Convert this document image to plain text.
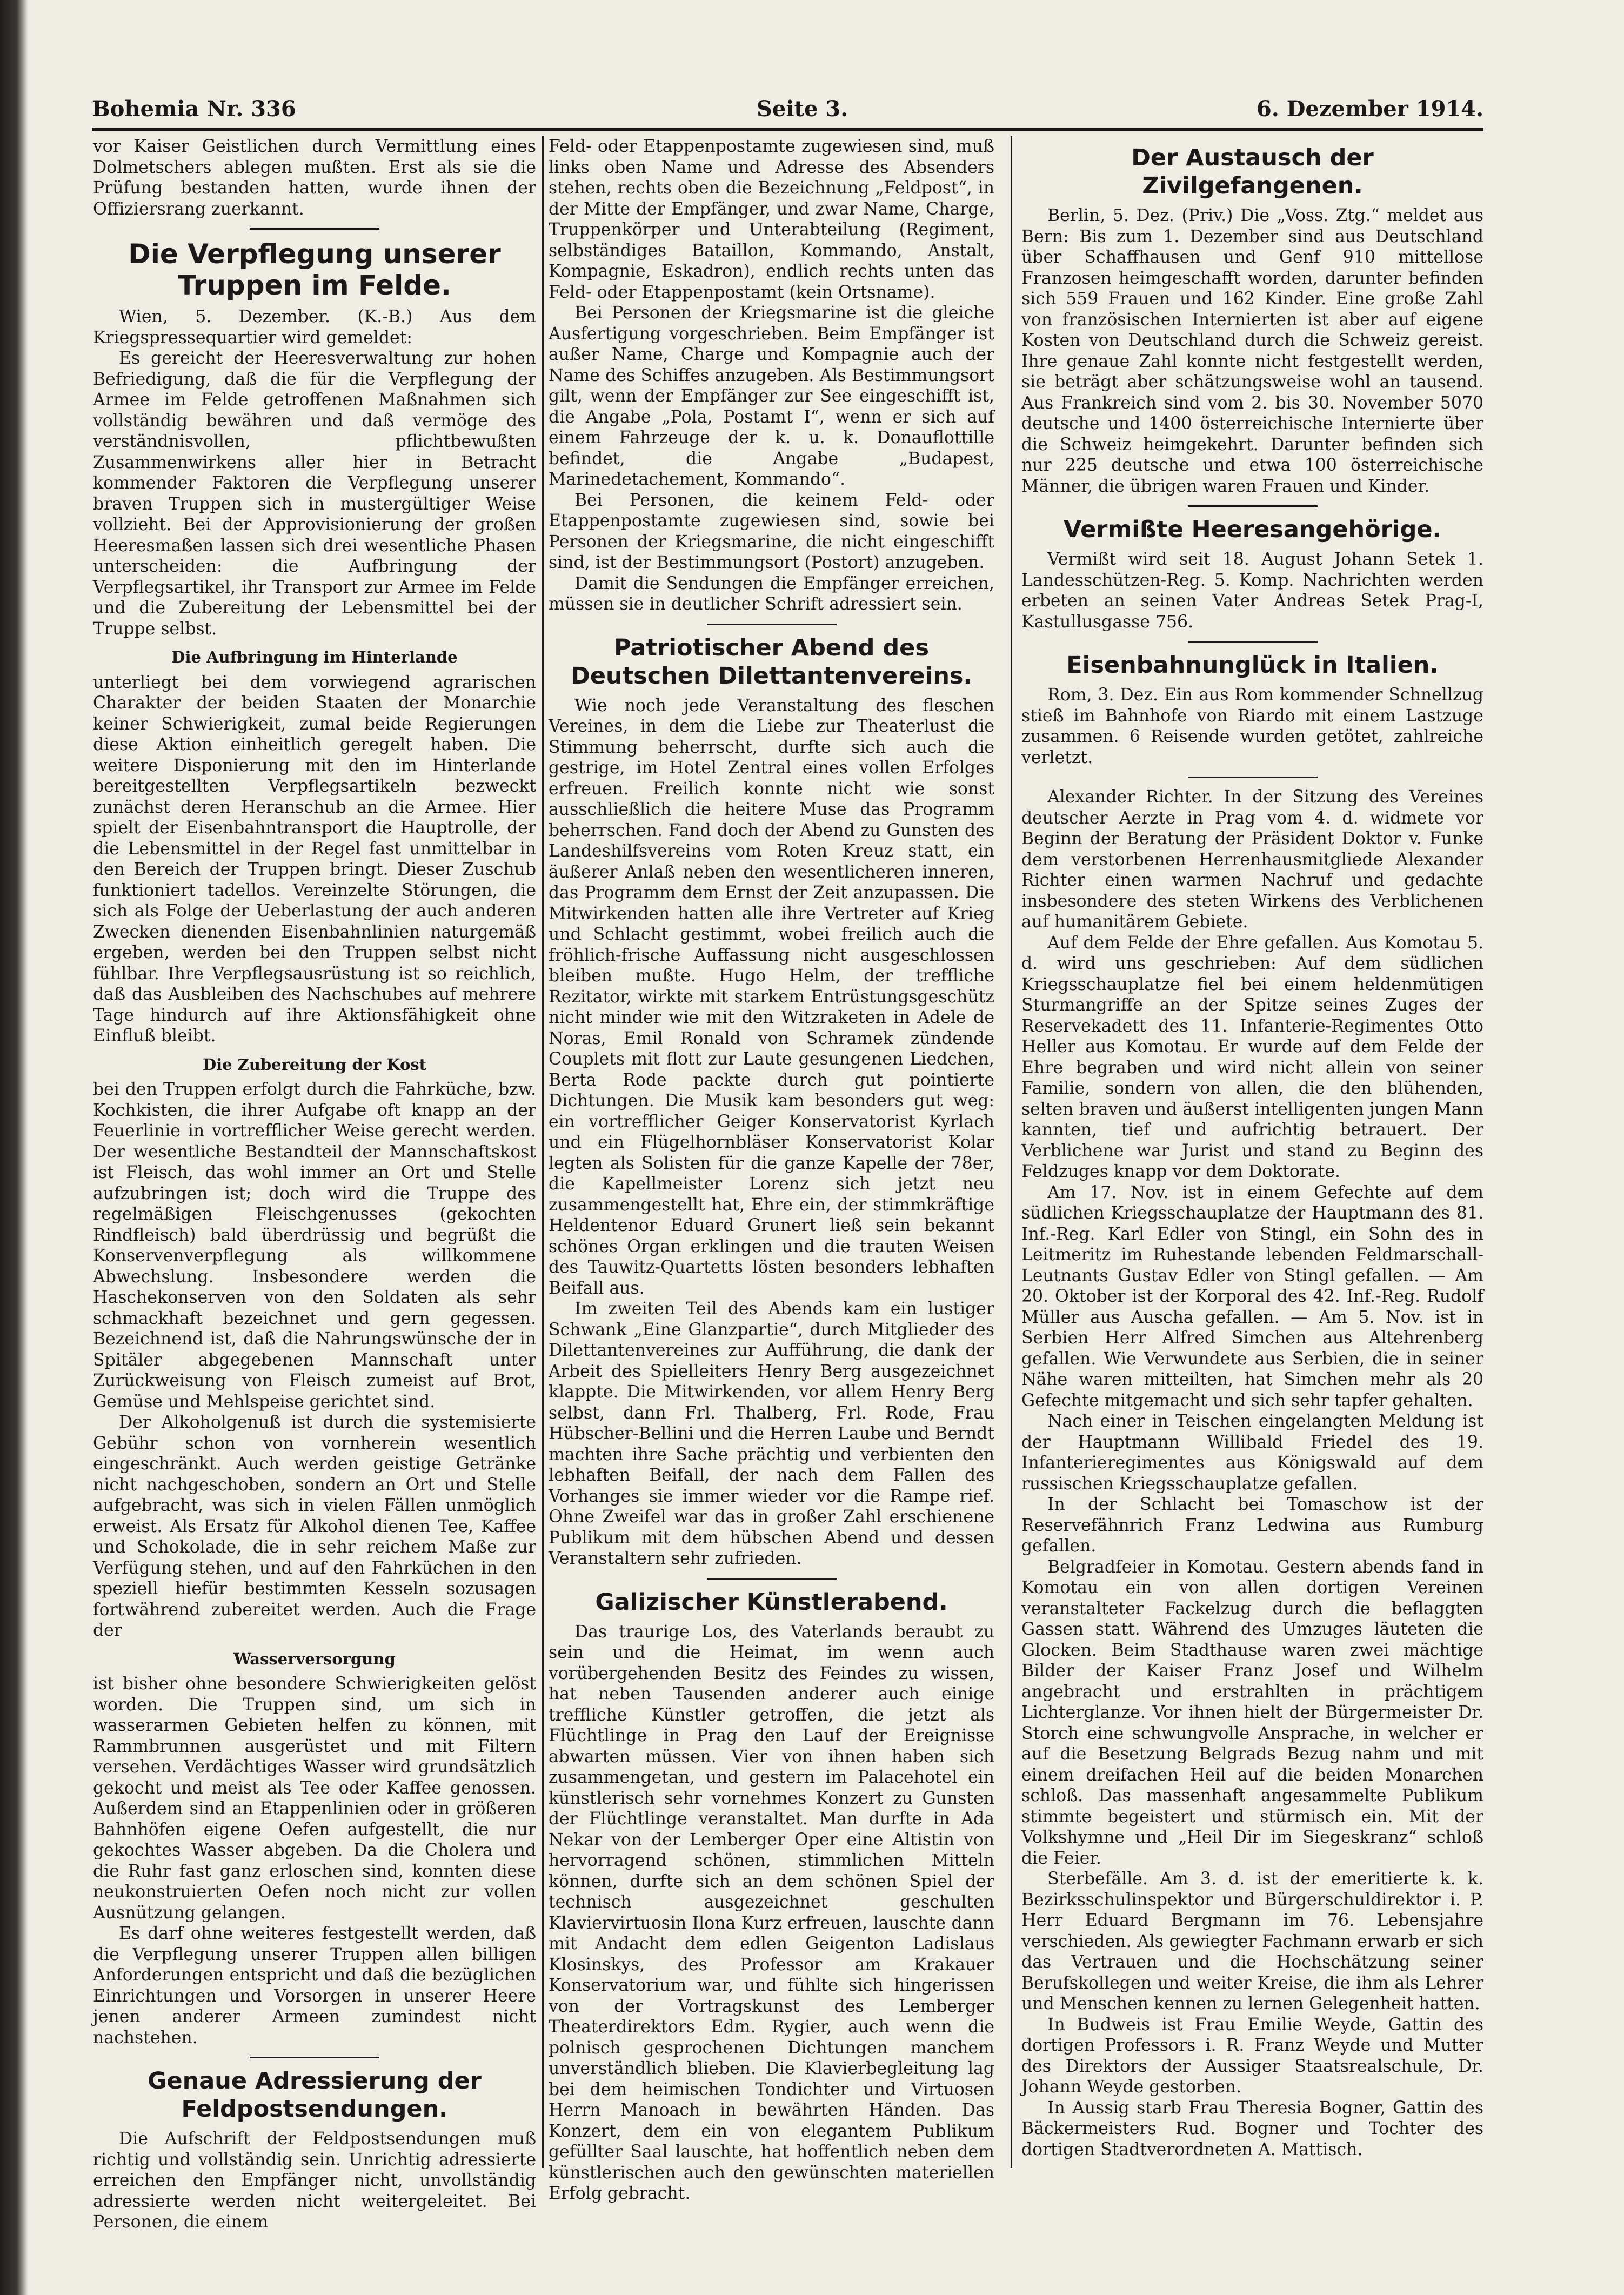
Bohemia Nr. 336	Seite 3.	6. Dezember 1914.

vor Kaiser Geistlichen durch Vermittlung eines Dolmetschers ablegen mußten. Erst als sie die Prüfung bestanden hatten, wurde ihnen der Offiziersrang zuerkannt.

Die Verpflegung unserer Truppen im Felde.

Wien, 5. Dezember. (K.-B.) Aus dem Kriegspressequartier wird gemeldet:

Es gereicht der Heeresverwaltung zur hohen Befriedigung, daß die für die Verpflegung der Armee im Felde getroffenen Maßnahmen sich vollständig bewähren und daß vermöge des verständnisvollen, pflichtbewußten Zusammenwirkens aller hier in Betracht kommender Faktoren die Verpflegung unserer braven Truppen sich in mustergültiger Weise vollzieht. Bei der Approvisionierung der großen Heeresmaßen lassen sich drei wesentliche Phasen unterscheiden: die Aufbringung der Verpflegsartikel, ihr Transport zur Armee im Felde und die Zubereitung der Lebensmittel bei der Truppe selbst.

Die Aufbringung im Hinterlande

unterliegt bei dem vorwiegend agrarischen Charakter der beiden Staaten der Monarchie keiner Schwierigkeit, zumal beide Regierungen diese Aktion einheitlich geregelt haben. Die weitere Disponierung mit den im Hinterlande bereitgestellten Verpflegsartikeln bezweckt zunächst deren Heranschub an die Armee. Hier spielt der Eisenbahntransport die Hauptrolle, der die Lebensmittel in der Regel fast unmittelbar in den Bereich der Truppen bringt. Dieser Zuschub funktioniert tadellos. Vereinzelte Störungen, die sich als Folge der Ueberlastung der auch anderen Zwecken dienenden Eisenbahnlinien naturgemäß ergeben, werden bei den Truppen selbst nicht fühlbar. Ihre Verpflegsausrüstung ist so reichlich, daß das Ausbleiben des Nachschubes auf mehrere Tage hindurch auf ihre Aktionsfähigkeit ohne Einfluß bleibt.

Die Zubereitung der Kost

bei den Truppen erfolgt durch die Fahrküche, bzw. Kochkisten, die ihrer Aufgabe oft knapp an der Feuerlinie in vortrefflicher Weise gerecht werden. Der wesentliche Bestandteil der Mannschaftskost ist Fleisch, das wohl immer an Ort und Stelle aufzubringen ist; doch wird die Truppe des regelmäßigen Fleischgenusses (gekochten Rindfleisch) bald überdrüssig und begrüßt die Konservenverpflegung als willkommene Abwechslung. Insbesondere werden die Haschekonserven von den Soldaten als sehr schmackhaft bezeichnet und gern gegessen. Bezeichnend ist, daß die Nahrungswünsche der in Spitäler abgegebenen Mannschaft unter Zurückweisung von Fleisch zumeist auf Brot, Gemüse und Mehlspeise gerichtet sind.

Der Alkoholgenuß ist durch die systemisierte Gebühr schon von vornherein wesentlich eingeschränkt. Auch werden geistige Getränke nicht nachgeschoben, sondern an Ort und Stelle aufgebracht, was sich in vielen Fällen unmöglich erweist. Als Ersatz für Alkohol dienen Tee, Kaffee und Schokolade, die in sehr reichem Maße zur Verfügung stehen, und auf den Fahrküchen in den speziell hiefür bestimmten Kesseln sozusagen fortwährend zubereitet werden. Auch die Frage der

Wasserversorgung

ist bisher ohne besondere Schwierigkeiten gelöst worden. Die Truppen sind, um sich in wasserarmen Gebieten helfen zu können, mit Rammbrunnen ausgerüstet und mit Filtern versehen. Verdächtiges Wasser wird grundsätzlich gekocht und meist als Tee oder Kaffee genossen. Außerdem sind an Etappenlinien oder in größeren Bahnhöfen eigene Oefen aufgestellt, die nur gekochtes Wasser abgeben. Da die Cholera und die Ruhr fast ganz erloschen sind, konnten diese neukonstruierten Oefen noch nicht zur vollen Ausnützung gelangen.

Es darf ohne weiteres festgestellt werden, daß die Verpflegung unserer Truppen allen billigen Anforderungen entspricht und daß die bezüglichen Einrichtungen und Vorsorgen in unserer Heere jenen anderer Armeen zumindest nicht nachstehen.

Genaue Adressierung der Feldpostsendungen.

Die Aufschrift der Feldpostsendungen muß richtig und vollständig sein. Unrichtig adressierte erreichen den Empfänger nicht, unvollständig adressierte werden nicht weitergeleitet. Bei Personen, die einem

Feld- oder Etappenpostamte zugewiesen sind, muß links oben Name und Adresse des Absenders stehen, rechts oben die Bezeichnung „Feldpost“, in der Mitte der Empfänger, und zwar Name, Charge, Truppenkörper und Unterabteilung (Regiment, selbständiges Bataillon, Kommando, Anstalt, Kompagnie, Eskadron), endlich rechts unten das Feld- oder Etappenpostamt (kein Ortsname).

Bei Personen der Kriegsmarine ist die gleiche Ausfertigung vorgeschrieben. Beim Empfänger ist außer Name, Charge und Kompagnie auch der Name des Schiffes anzugeben. Als Bestimmungsort gilt, wenn der Empfänger zur See eingeschifft ist, die Angabe „Pola, Postamt I“, wenn er sich auf einem Fahrzeuge der k. u. k. Donauflottille befindet, die Angabe „Budapest, Marinedetachement, Kommando“.

Bei Personen, die keinem Feld- oder Etappenpostamte zugewiesen sind, sowie bei Personen der Kriegsmarine, die nicht eingeschifft sind, ist der Bestimmungsort (Postort) anzugeben.

Damit die Sendungen die Empfänger erreichen, müssen sie in deutlicher Schrift adressiert sein.

Patriotischer Abend des Deutschen Dilettantenvereins.

Wie noch jede Veranstaltung des fleschen Vereines, in dem die Liebe zur Theaterlust die Stimmung beherrscht, durfte sich auch die gestrige, im Hotel Zentral eines vollen Erfolges erfreuen. Freilich konnte nicht wie sonst ausschließlich die heitere Muse das Programm beherrschen. Fand doch der Abend zu Gunsten des Landeshilfsvereins vom Roten Kreuz statt, ein äußerer Anlaß neben den wesentlicheren inneren, das Programm dem Ernst der Zeit anzupassen. Die Mitwirkenden hatten alle ihre Vertreter auf Krieg und Schlacht gestimmt, wobei freilich auch die fröhlich-frische Auffassung nicht ausgeschlossen bleiben mußte. Hugo Helm, der treffliche Rezitator, wirkte mit starkem Entrüstungsgeschütz nicht minder wie mit den Witzraketen in Adele de Noras, Emil Ronald von Schramek zündende Couplets mit flott zur Laute gesungenen Liedchen, Berta Rode packte durch gut pointierte Dichtungen. Die Musik kam besonders gut weg: ein vortrefflicher Geiger Konservatorist Kyrlach und ein Flügelhornbläser Konservatorist Kolar legten als Solisten für die ganze Kapelle der 78er, die Kapellmeister Lorenz sich jetzt neu zusammengestellt hat, Ehre ein, der stimmkräftige Heldentenor Eduard Grunert ließ sein bekannt schönes Organ erklingen und die trauten Weisen des Tauwitz-Quartetts lösten besonders lebhaften Beifall aus.

Im zweiten Teil des Abends kam ein lustiger Schwank „Eine Glanzpartie“, durch Mitglieder des Dilettantenvereines zur Aufführung, die dank der Arbeit des Spielleiters Henry Berg ausgezeichnet klappte. Die Mitwirkenden, vor allem Henry Berg selbst, dann Frl. Thalberg, Frl. Rode, Frau Hübscher-Bellini und die Herren Laube und Berndt machten ihre Sache prächtig und verbienten den lebhaften Beifall, der nach dem Fallen des Vorhanges sie immer wieder vor die Rampe rief. Ohne Zweifel war das in großer Zahl erschienene Publikum mit dem hübschen Abend und dessen Veranstaltern sehr zufrieden.

Galizischer Künstlerabend.

Das traurige Los, des Vaterlands beraubt zu sein und die Heimat, im wenn auch vorübergehenden Besitz des Feindes zu wissen, hat neben Tausenden anderer auch einige treffliche Künstler getroffen, die jetzt als Flüchtlinge in Prag den Lauf der Ereignisse abwarten müssen. Vier von ihnen haben sich zusammengetan, und gestern im Palacehotel ein künstlerisch sehr vornehmes Konzert zu Gunsten der Flüchtlinge veranstaltet. Man durfte in Ada Nekar von der Lemberger Oper eine Altistin von hervorragend schönen, stimmlichen Mitteln können, durfte sich an dem schönen Spiel der technisch ausgezeichnet geschulten Klaviervirtuosin Ilona Kurz erfreuen, lauschte dann mit Andacht dem edlen Geigenton Ladislaus Klosinskys, des Professor am Krakauer Konservatorium war, und fühlte sich hingerissen von der Vortragskunst des Lemberger Theaterdirektors Edm. Rygier, auch wenn die polnisch gesprochenen Dichtungen manchem unverständlich blieben. Die Klavierbegleitung lag bei dem heimischen Tondichter und Virtuosen Herrn Manoach in bewährten Händen. Das Konzert, dem ein von elegantem Publikum gefüllter Saal lauschte, hat hoffentlich neben dem künstlerischen auch den gewünschten materiellen Erfolg gebracht.

Der Austausch der Zivilgefangenen.

Berlin, 5. Dez. (Priv.) Die „Voss. Ztg.“ meldet aus Bern: Bis zum 1. Dezember sind aus Deutschland über Schaffhausen und Genf 910 mittellose Franzosen heimgeschafft worden, darunter befinden sich 559 Frauen und 162 Kinder. Eine große Zahl von französischen Internierten ist aber auf eigene Kosten von Deutschland durch die Schweiz gereist. Ihre genaue Zahl konnte nicht festgestellt werden, sie beträgt aber schätzungsweise wohl an tausend. Aus Frankreich sind vom 2. bis 30. November 5070 deutsche und 1400 österreichische Internierte über die Schweiz heimgekehrt. Darunter befinden sich nur 225 deutsche und etwa 100 österreichische Männer, die übrigen waren Frauen und Kinder.

Vermißte Heeresangehörige.

Vermißt wird seit 18. August Johann Setek 1. Landesschützen-Reg. 5. Komp. Nachrichten werden erbeten an seinen Vater Andreas Setek Prag-I, Kastullusgasse 756.

Eisenbahnunglück in Italien.

Rom, 3. Dez. Ein aus Rom kommender Schnellzug stieß im Bahnhofe von Riardo mit einem Lastzuge zusammen. 6 Reisende wurden getötet, zahlreiche verletzt.

Alexander Richter. In der Sitzung des Vereines deutscher Aerzte in Prag vom 4. d. widmete vor Beginn der Beratung der Präsident Doktor v. Funke dem verstorbenen Herrenhausmitgliede Alexander Richter einen warmen Nachruf und gedachte insbesondere des steten Wirkens des Verblichenen auf humanitärem Gebiete.

Auf dem Felde der Ehre gefallen. Aus Komotau 5. d. wird uns geschrieben: Auf dem südlichen Kriegsschauplatze fiel bei einem heldenmütigen Sturmangriffe an der Spitze seines Zuges der Reservekadett des 11. Infanterie-Regimentes Otto Heller aus Komotau. Er wurde auf dem Felde der Ehre begraben und wird nicht allein von seiner Familie, sondern von allen, die den blühenden, selten braven und äußerst intelligenten jungen Mann kannten, tief und aufrichtig betrauert. Der Verblichene war Jurist und stand zu Beginn des Feldzuges knapp vor dem Doktorate.

Am 17. Nov. ist in einem Gefechte auf dem südlichen Kriegsschauplatze der Hauptmann des 81. Inf.-Reg. Karl Edler von Stingl, ein Sohn des in Leitmeritz im Ruhestande lebenden Feldmarschall-Leutnants Gustav Edler von Stingl gefallen. — Am 20. Oktober ist der Korporal des 42. Inf.-Reg. Rudolf Müller aus Auscha gefallen. — Am 5. Nov. ist in Serbien Herr Alfred Simchen aus Altehrenberg gefallen. Wie Verwundete aus Serbien, die in seiner Nähe waren mitteilten, hat Simchen mehr als 20 Gefechte mitgemacht und sich sehr tapfer gehalten.

Nach einer in Teischen eingelangten Meldung ist der Hauptmann Willibald Friedel des 19. Infanterieregimentes aus Königswald auf dem russischen Kriegsschauplatze gefallen.

In der Schlacht bei Tomaschow ist der Reservefähnrich Franz Ledwina aus Rumburg gefallen.

Belgradfeier in Komotau. Gestern abends fand in Komotau ein von allen dortigen Vereinen veranstalteter Fackelzug durch die beflaggten Gassen statt. Während des Umzuges läuteten die Glocken. Beim Stadthause waren zwei mächtige Bilder der Kaiser Franz Josef und Wilhelm angebracht und erstrahlten in prächtigem Lichterglanze. Vor ihnen hielt der Bürgermeister Dr. Storch eine schwungvolle Ansprache, in welcher er auf die Besetzung Belgrads Bezug nahm und mit einem dreifachen Heil auf die beiden Monarchen schloß. Das massenhaft angesammelte Publikum stimmte begeistert und stürmisch ein. Mit der Volkshymne und „Heil Dir im Siegeskranz“ schloß die Feier.

Sterbefälle. Am 3. d. ist der emeritierte k. k. Bezirksschulinspektor und Bürgerschuldirektor i. P. Herr Eduard Bergmann im 76. Lebensjahre verschieden. Als gewiegter Fachmann erwarb er sich das Vertrauen und die Hochschätzung seiner Berufskollegen und weiter Kreise, die ihm als Lehrer und Menschen kennen zu lernen Gelegenheit hatten.

In Budweis ist Frau Emilie Weyde, Gattin des dortigen Professors i. R. Franz Weyde und Mutter des Direktors der Aussiger Staatsrealschule, Dr. Johann Weyde gestorben.

In Aussig starb Frau Theresia Bogner, Gattin des Bäckermeisters Rud. Bogner und Tochter des dortigen Stadtverordneten A. Mattisch.
